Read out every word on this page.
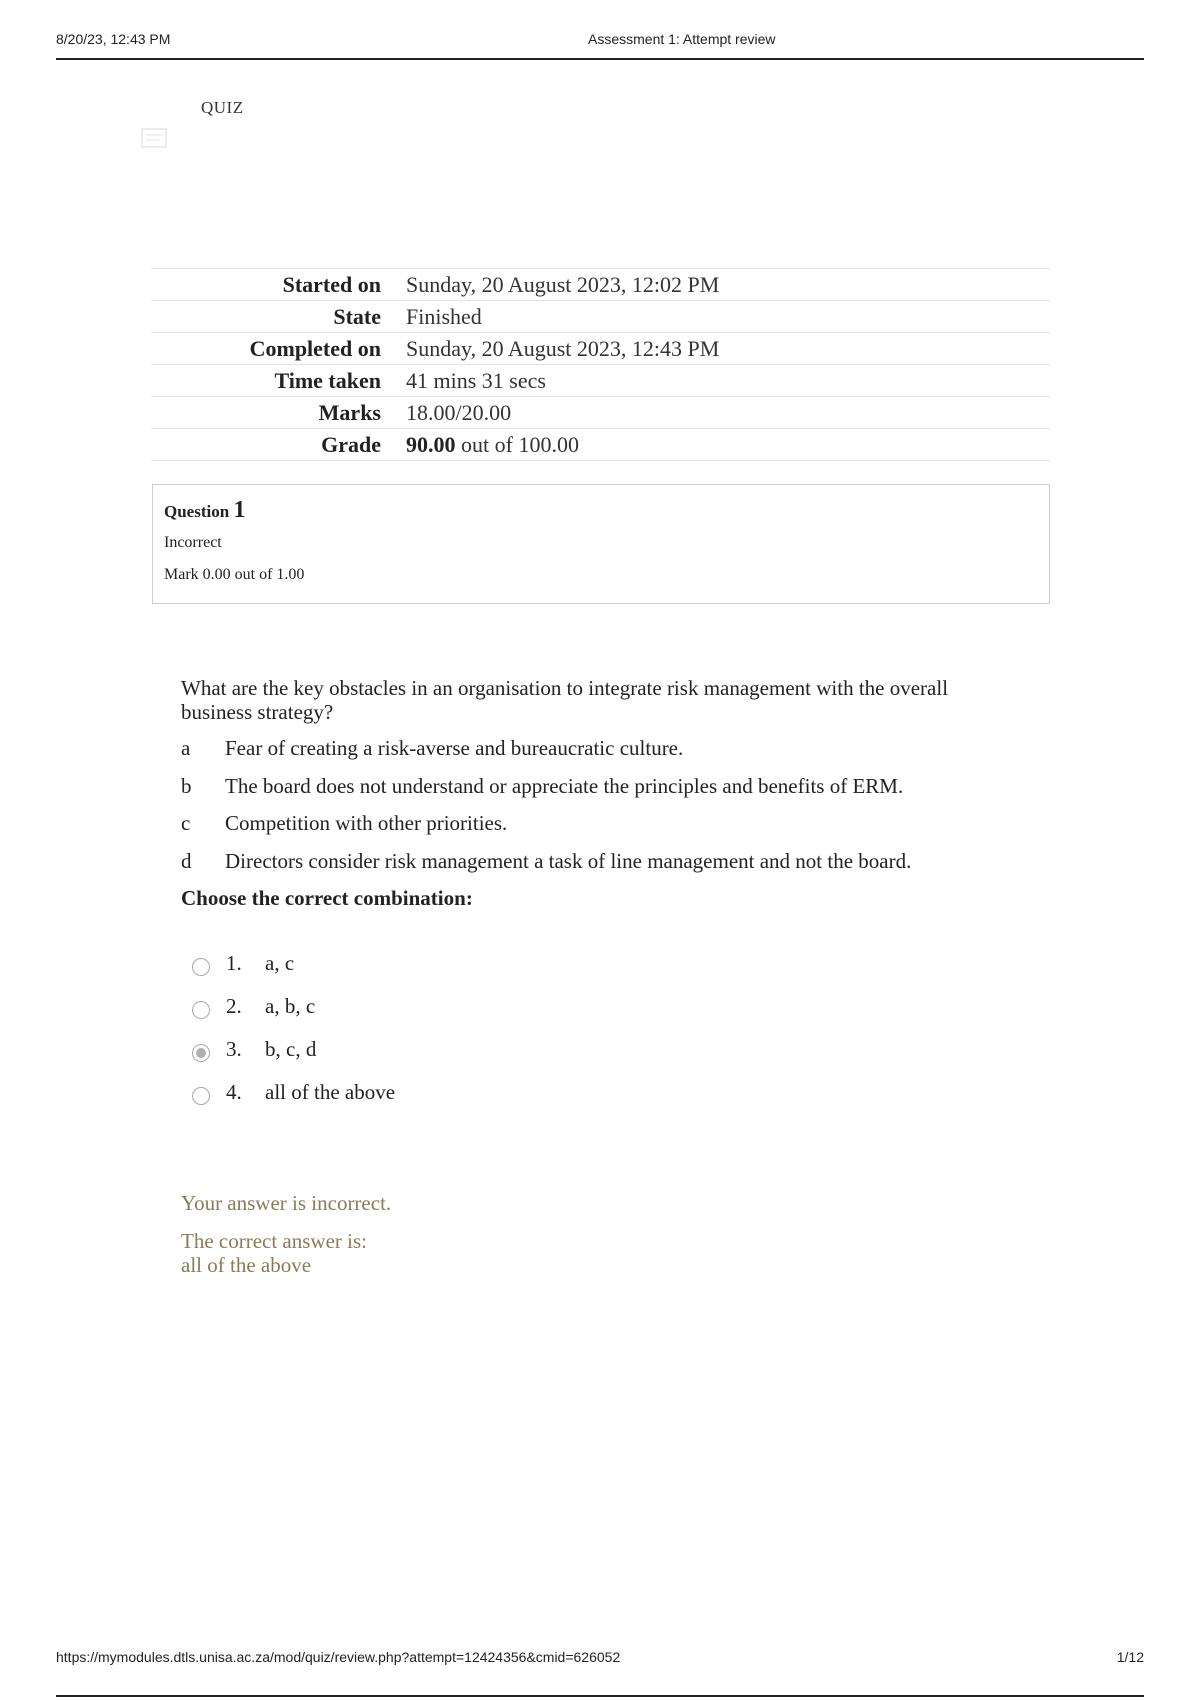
8/20/23, 12:43 PM	Assessment 1: Attempt review
QUIZ
Started on	Sunday, 20 August 2023, 12:02 PM
State	Finished
Completed on	Sunday, 20 August 2023, 12:43 PM
Time taken	41 mins 31 secs
Marks	18.00/20.00
Grade	90.00 out of 100.00
Question 1
Incorrect
Mark 0.00 out of 1.00
What are the key obstacles in an organisation to integrate risk management with the overall business strategy?
a Fear of creating a risk-averse and bureaucratic culture.
b The board does not understand or appreciate the principles and benefits of ERM.
c Competition with other priorities.
d Directors consider risk management a task of line management and not the board.
Choose the correct combination:
1. a, c
2. a, b, c
3. b, c, d
4. all of the above
Your answer is incorrect.
The correct answer is:
all of the above
https://mymodules.dtls.unisa.ac.za/mod/quiz/review.php?attempt=12424356&cmid=626052	1/12
